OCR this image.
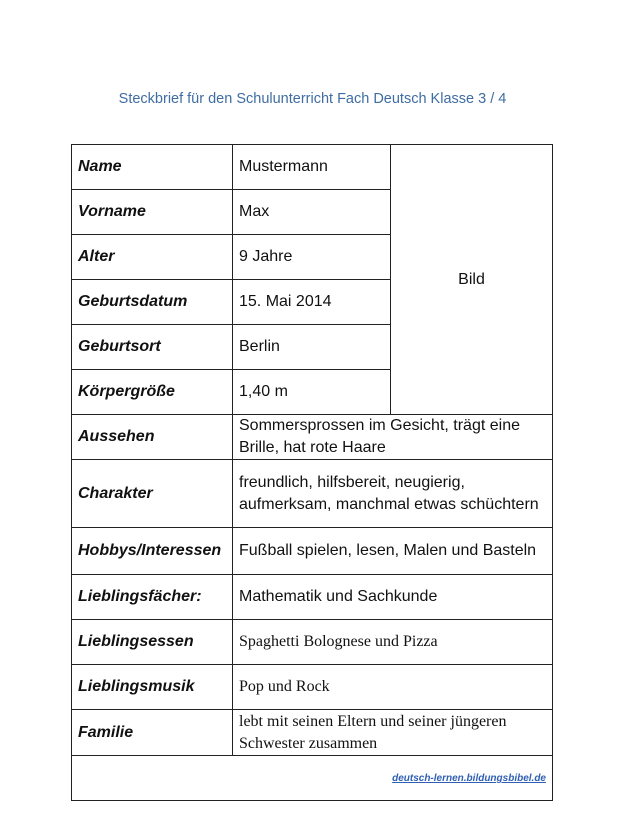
Steckbrief für den Schulunterricht Fach Deutsch Klasse 3 / 4
Name	Mustermann	Bild
Vorname	Max	
Alter	9 Jahre	
Geburtsdatum	15. Mai 2014	
Geburtsort	Berlin	
Körpergröße	1,40 m	
Aussehen	Sommersprossen im Gesicht, trägt eine Brille, hat rote Haare	
Charakter	freundlich, hilfsbereit, neugierig, aufmerksam, manchmal etwas schüchtern	
Hobbys/Interessen	Fußball spielen, lesen, Malen und Basteln	
Lieblingsfächer:	Mathematik und Sachkunde	
Lieblingsessen	Spaghetti Bolognese und Pizza	
Lieblingsmusik	Pop und Rock	
Familie	lebt mit seinen Eltern und seiner jüngeren Schwester zusammen	
deutsch-lernen.bildungsbibel.de		
